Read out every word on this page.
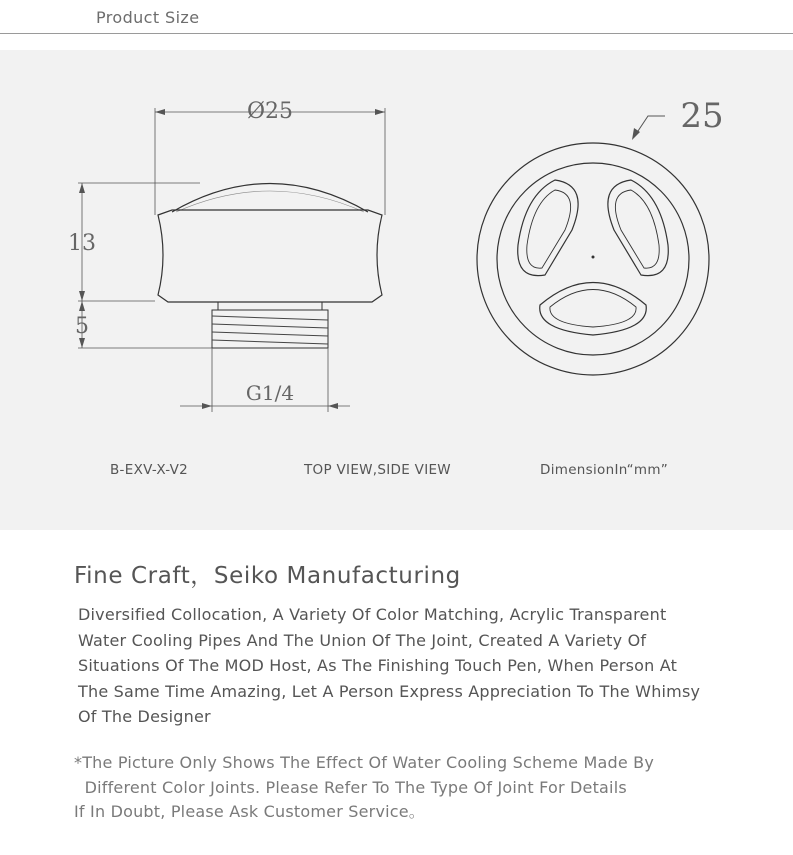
Product Size
Ø25
13
5
G1/4
25
B-EXV-X-V2	TOP VIEW,SIDE VIEW	DimensionIn“mm”
Fine Craft，Seiko Manufacturing
Diversified Collocation, A Variety Of Color Matching, Acrylic Transparent
Water Cooling Pipes And The Union Of The Joint, Created A Variety Of
Situations Of The MOD Host, As The Finishing Touch Pen, When Person At
The Same Time Amazing, Let A Person Express Appreciation To The Whimsy
Of The Designer
*The Picture Only Shows The Effect Of Water Cooling Scheme Made By
Different Color Joints. Please Refer To The Type Of Joint For Details
If In Doubt, Please Ask Customer Service。
